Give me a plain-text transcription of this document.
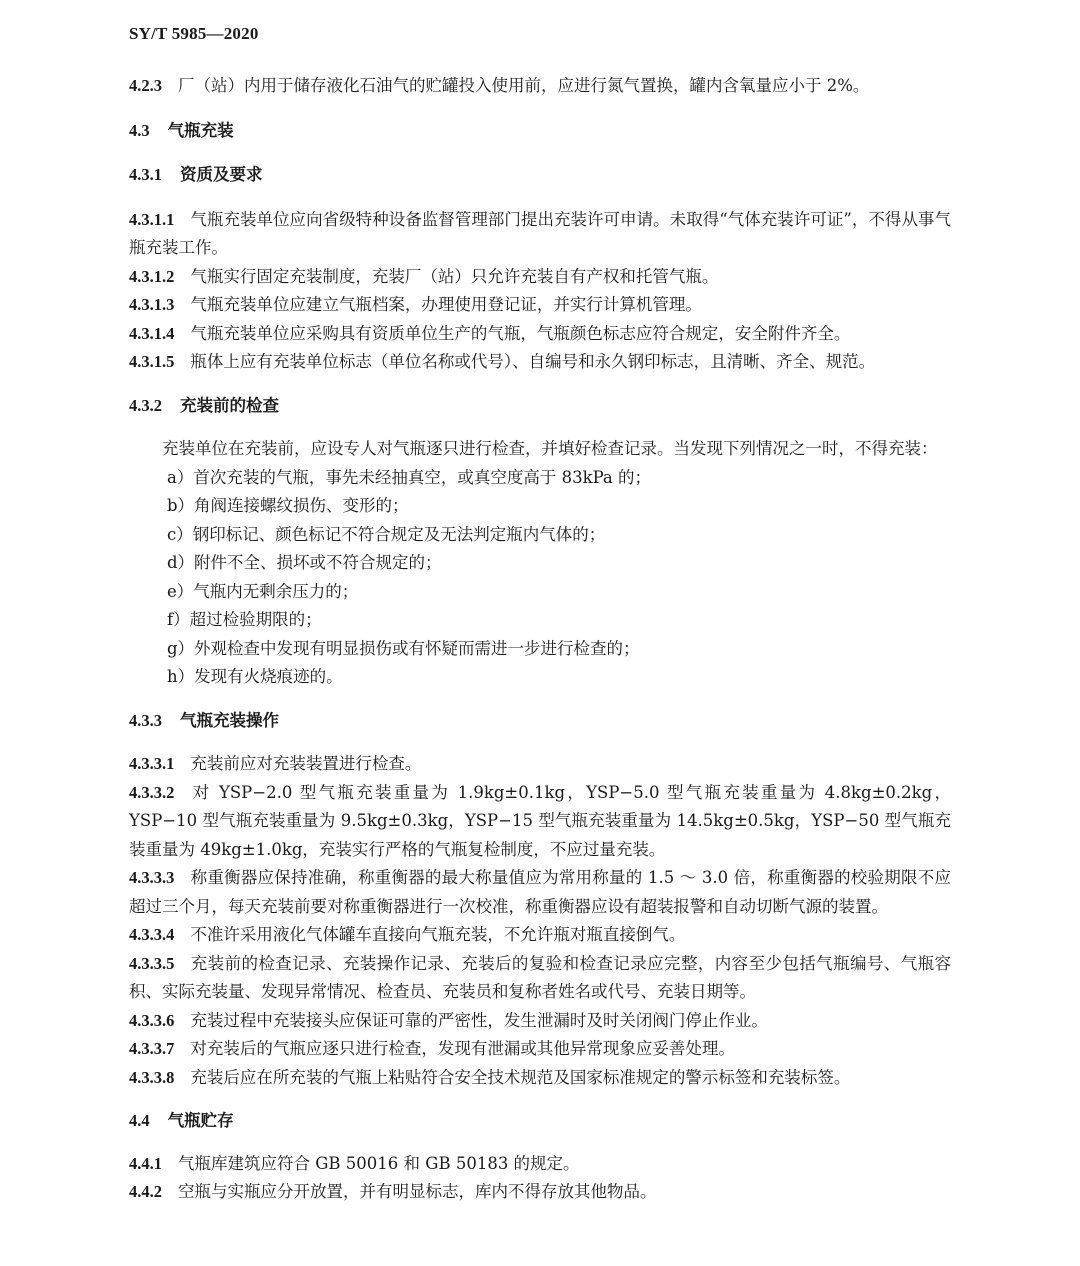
SY/T 5985—2020
4.2.3 厂（站）内用于储存液化石油气的贮罐投入使用前，应进行氮气置换，罐内含氧量应小于 2%。
4.3 气瓶充装
4.3.1 资质及要求
4.3.1.1 气瓶充装单位应向省级特种设备监督管理部门提出充装许可申请。未取得“气体充装许可证”，不得从事气瓶充装工作。
4.3.1.2 气瓶实行固定充装制度，充装厂（站）只允许充装自有产权和托管气瓶。
4.3.1.3 气瓶充装单位应建立气瓶档案，办理使用登记证，并实行计算机管理。
4.3.1.4 气瓶充装单位应采购具有资质单位生产的气瓶，气瓶颜色标志应符合规定，安全附件齐全。
4.3.1.5 瓶体上应有充装单位标志（单位名称或代号）、自编号和永久钢印标志，且清晰、齐全、规范。
4.3.2 充装前的检查
充装单位在充装前，应设专人对气瓶逐只进行检查，并填好检查记录。当发现下列情况之一时，不得充装：
a）首次充装的气瓶，事先未经抽真空，或真空度高于 83kPa 的；
b）角阀连接螺纹损伤、变形的；
c）钢印标记、颜色标记不符合规定及无法判定瓶内气体的；
d）附件不全、损坏或不符合规定的；
e）气瓶内无剩余压力的；
f）超过检验期限的；
g）外观检查中发现有明显损伤或有怀疑而需进一步进行检查的；
h）发现有火烧痕迹的。
4.3.3 气瓶充装操作
4.3.3.1 充装前应对充装装置进行检查。
4.3.3.2 对 YSP−2.0 型气瓶充装重量为 1.9kg±0.1kg，YSP−5.0 型气瓶充装重量为 4.8kg±0.2kg，YSP−10 型气瓶充装重量为 9.5kg±0.3kg，YSP−15 型气瓶充装重量为 14.5kg±0.5kg，YSP−50 型气瓶充装重量为 49kg±1.0kg，充装实行严格的气瓶复检制度，不应过量充装。
4.3.3.3 称重衡器应保持准确，称重衡器的最大称量值应为常用称量的 1.5 ～ 3.0 倍，称重衡器的校验期限不应超过三个月，每天充装前要对称重衡器进行一次校准，称重衡器应设有超装报警和自动切断气源的装置。
4.3.3.4 不准许采用液化气体罐车直接向气瓶充装，不允许瓶对瓶直接倒气。
4.3.3.5 充装前的检查记录、充装操作记录、充装后的复验和检查记录应完整，内容至少包括气瓶编号、气瓶容积、实际充装量、发现异常情况、检查员、充装员和复称者姓名或代号、充装日期等。
4.3.3.6 充装过程中充装接头应保证可靠的严密性，发生泄漏时及时关闭阀门停止作业。
4.3.3.7 对充装后的气瓶应逐只进行检查，发现有泄漏或其他异常现象应妥善处理。
4.3.3.8 充装后应在所充装的气瓶上粘贴符合安全技术规范及国家标准规定的警示标签和充装标签。
4.4 气瓶贮存
4.4.1 气瓶库建筑应符合 GB 50016 和 GB 50183 的规定。
4.4.2 空瓶与实瓶应分开放置，并有明显标志，库内不得存放其他物品。
